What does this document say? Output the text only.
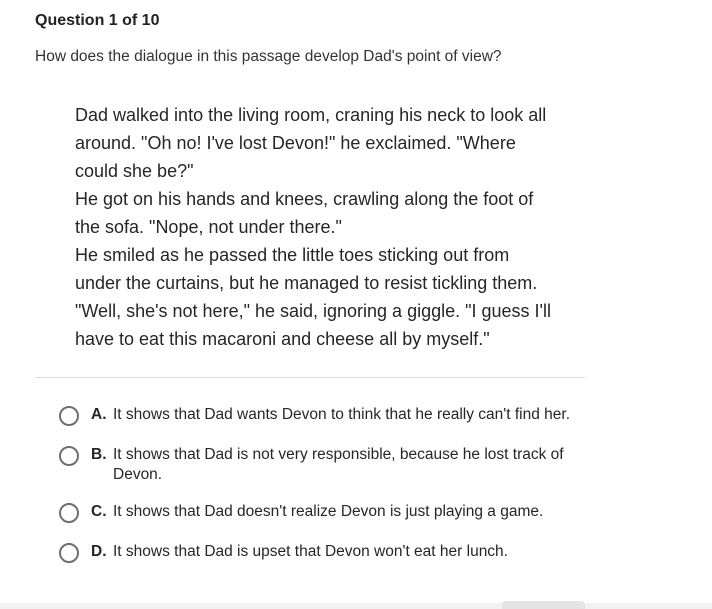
Question 1 of 10
How does the dialogue in this passage develop Dad's point of view?

Dad walked into the living room, craning his neck to look all around. "Oh no! I've lost Devon!" he exclaimed. "Where could she be?"

He got on his hands and knees, crawling along the foot of the sofa. "Nope, not under there."

He smiled as he passed the little toes sticking out from under the curtains, but he managed to resist tickling them. "Well, she's not here," he said, ignoring a giggle. "I guess I'll have to eat this macaroni and cheese all by myself."

A. It shows that Dad wants Devon to think that he really can't find her.
B. It shows that Dad is not very responsible, because he lost track of Devon.
C. It shows that Dad doesn't realize Devon is just playing a game.
D. It shows that Dad is upset that Devon won't eat her lunch.
